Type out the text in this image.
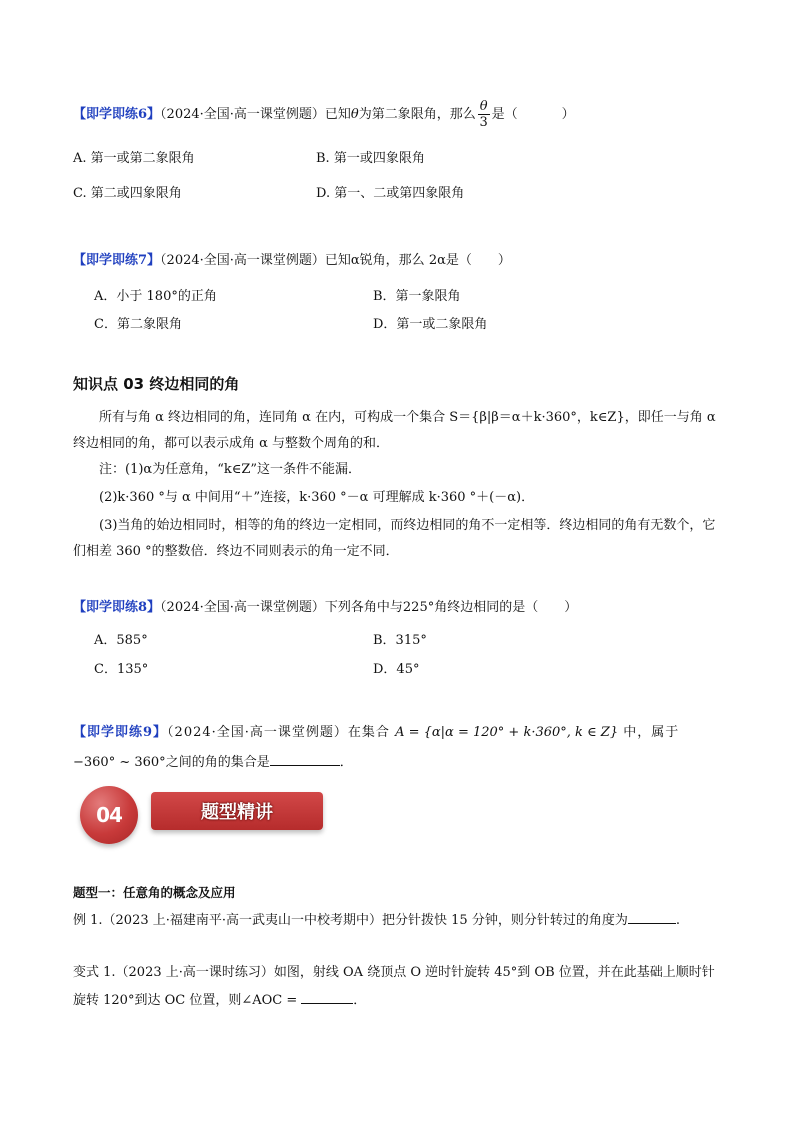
【即学即练6】（2024·全国·高一课堂例题）已知θ为第二象限角，那么 $\frac{\theta}{3}$ 是（	）
A. 第一或第二象限角	B. 第一或四象限角
C. 第二或四象限角	D. 第一、二或第四象限角
【即学即练7】（2024·全国·高一课堂例题）已知α锐角，那么 2α是（　　）
A．小于 180°的正角	B．第一象限角
C．第二象限角	D．第一或二象限角
知识点 03 终边相同的角
所有与角 α 终边相同的角，连同角 α 在内，可构成一个集合 S＝{β|β＝α＋k·360°，k∈Z}，即任一与角 α 终边相同的角，都可以表示成角 α 与整数个周角的和．
注：(1)α为任意角，“k∈Z”这一条件不能漏．
(2)k·360 °与 α 中间用“＋”连接，k·360 °－α 可理解成 k·360 °＋(－α)．
(3)当角的始边相同时，相等的角的终边一定相同，而终边相同的角不一定相等．终边相同的角有无数个，它们相差 360 °的整数倍．终边不同则表示的角一定不同．
【即学即练8】（2024·全国·高一课堂例题）下列各角中与225°角终边相同的是（　　）
A．585°	B．315°
C．135°	D．45°
【即学即练9】（2024·全国·高一课堂例题）在集合 A = {α|α = 120° + k·360°, k ∈ Z} 中，属于
−360° ~ 360°之间的角的集合是	．
04	题型精讲
题型一：任意角的概念及应用
例 1.（2023 上·福建南平·高一武夷山一中校考期中）把分针拨快 15 分钟，则分针转过的角度为	.
变式 1.（2023 上·高一课时练习）如图，射线 OA 绕顶点 O 逆时针旋转 45°到 OB 位置，并在此基础上顺时针
旋转 120°到达 OC 位置，则∠AOC =	．
